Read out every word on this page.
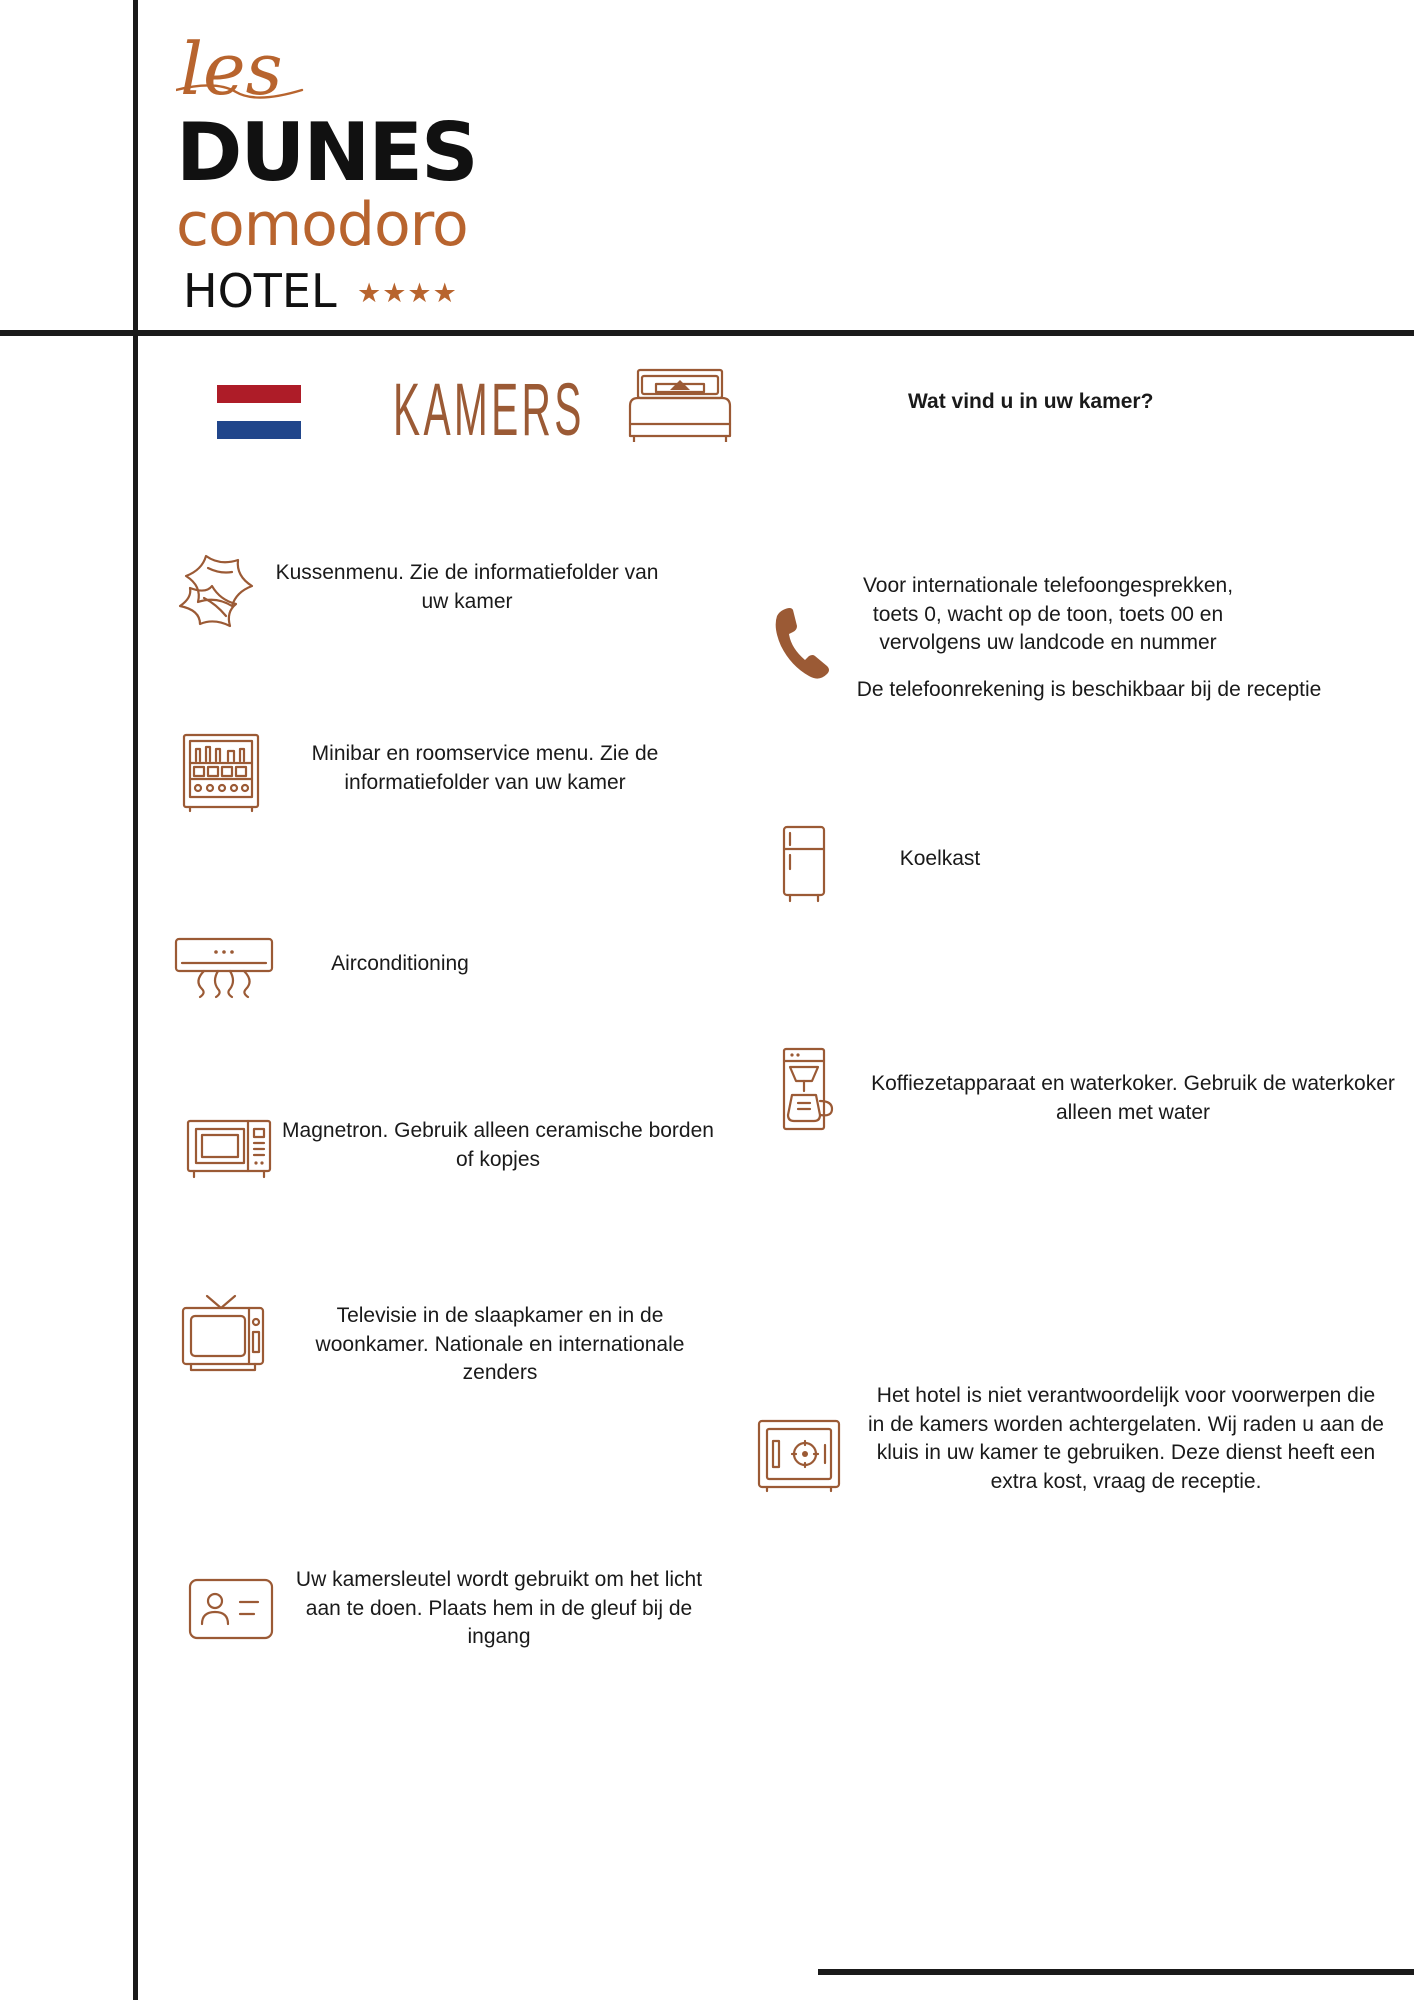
les
DUNES
comodoro
HOTEL ★★★★
KAMERS	Wat vind u in uw kamer?
Kussenmenu. Zie de informatiefolder van uw kamer
Minibar en roomservice menu. Zie de informatiefolder van uw kamer
Airconditioning
Magnetron. Gebruik alleen ceramische borden of kopjes
Televisie in de slaapkamer en in de woonkamer. Nationale en internationale zenders
Uw kamersleutel wordt gebruikt om het licht aan te doen. Plaats hem in de gleuf bij de ingang
Voor internationale telefoongesprekken, toets 0, wacht op de toon, toets 00 en vervolgens uw landcode en nummer
De telefoonrekening is beschikbaar bij de receptie
Koelkast
Koffiezetapparaat en waterkoker. Gebruik de waterkoker alleen met water
Het hotel is niet verantwoordelijk voor voorwerpen die in de kamers worden achtergelaten. Wij raden u aan de kluis in uw kamer te gebruiken. Deze dienst heeft een extra kost, vraag de receptie.
